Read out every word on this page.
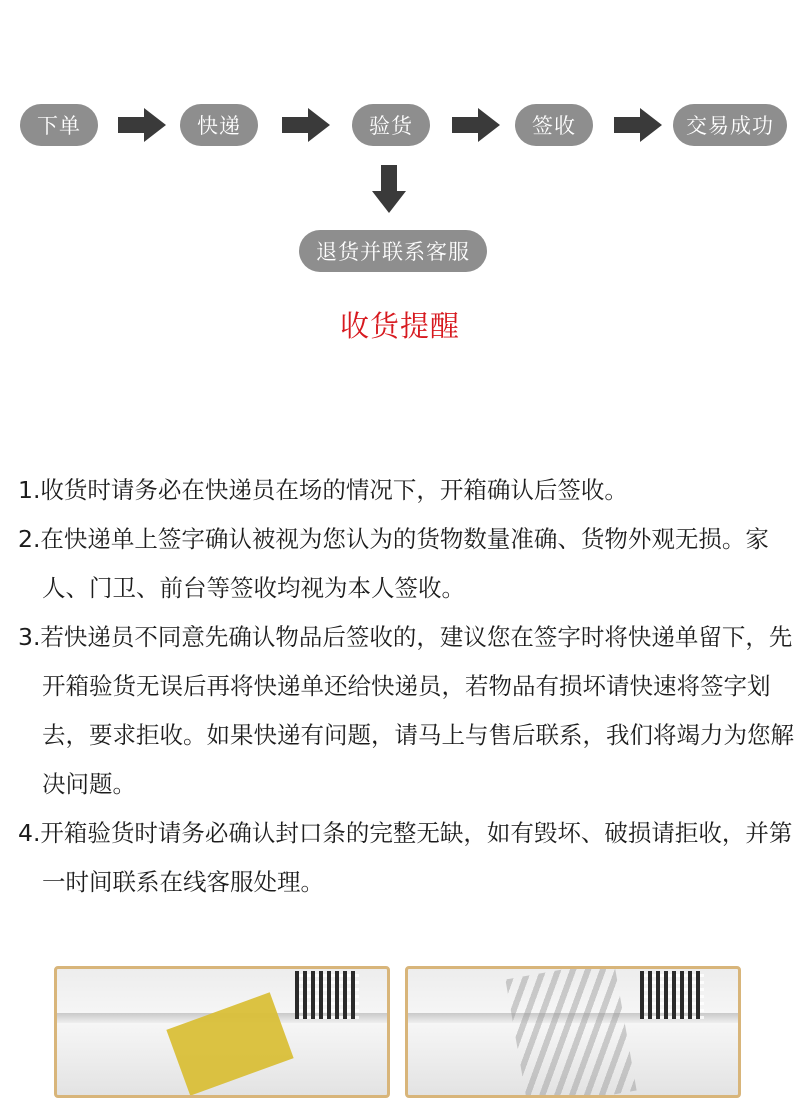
下单	快递	验货	签收	交易成功
退货并联系客服
收货提醒

1.收货时请务必在快递员在场的情况下，开箱确认后签收。

2.在快递单上签字确认被视为您认为的货物数量准确、货物外观无损。家人、门卫、前台等签收均视为本人签收。

3.若快递员不同意先确认物品后签收的，建议您在签字时将快递单留下，先开箱验货无误后再将快递单还给快递员，若物品有损坏请快速将签字划去，要求拒收。如果快递有问题，请马上与售后联系，我们将竭力为您解决问题。

4.开箱验货时请务必确认封口条的完整无缺，如有毁坏、破损请拒收，并第一时间联系在线客服处理。
